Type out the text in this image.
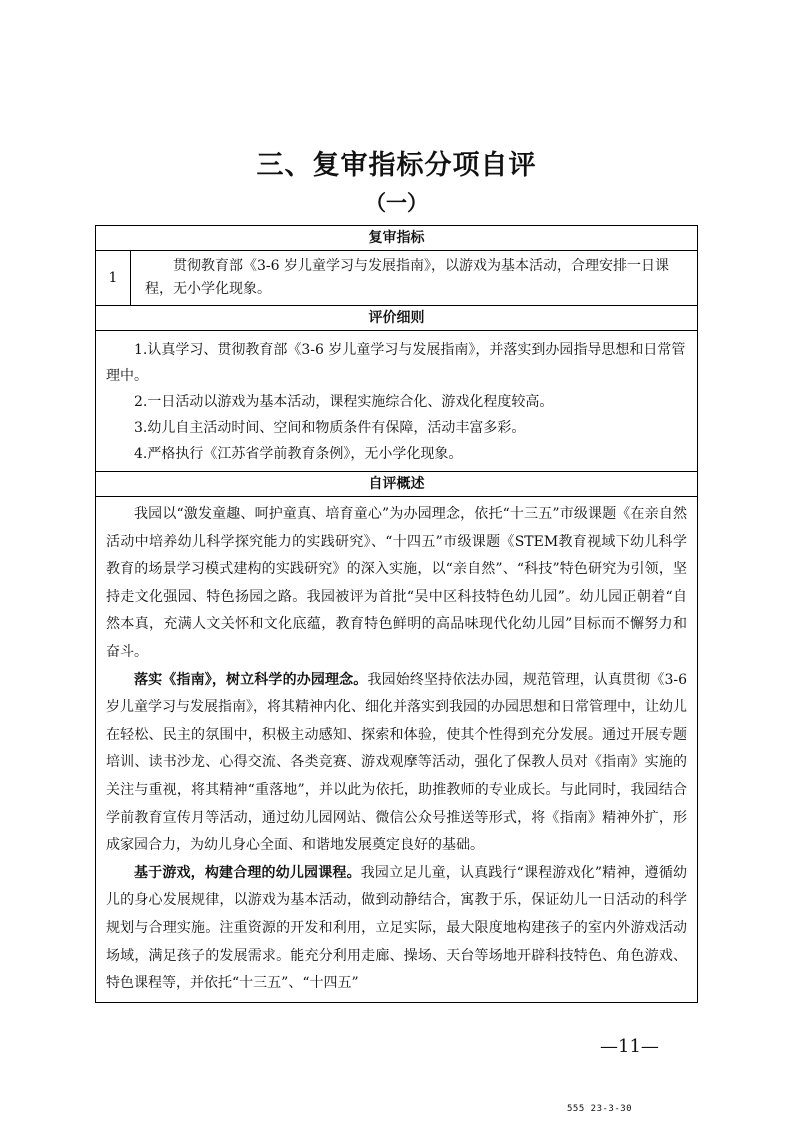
三、复审指标分项自评
（一）
复审指标
1
贯彻教育部《3-6 岁儿童学习与发展指南》，以游戏为基本活动，合理安排一日课程，无小学化现象。
评价细则

1.认真学习、贯彻教育部《3-6 岁儿童学习与发展指南》，并落实到办园指导思想和日常管理中。

2.一日活动以游戏为基本活动，课程实施综合化、游戏化程度较高。

3.幼儿自主活动时间、空间和物质条件有保障，活动丰富多彩。

4.严格执行《江苏省学前教育条例》，无小学化现象。

自评概述

我园以“激发童趣、呵护童真、培育童心”为办园理念，依托“十三五”市级课题《在亲自然活动中培养幼儿科学探究能力的实践研究》、“十四五”市级课题《STEM教育视域下幼儿科学教育的场景学习模式建构的实践研究》的深入实施，以“亲自然”、“科技”特色研究为引领，坚持走文化强园、特色扬园之路。我园被评为首批“吴中区科技特色幼儿园”。幼儿园正朝着“自然本真，充满人文关怀和文化底蕴，教育特色鲜明的高品味现代化幼儿园”目标而不懈努力和奋斗。

落实《指南》，树立科学的办园理念。我园始终坚持依法办园，规范管理，认真贯彻《3-6 岁儿童学习与发展指南》，将其精神内化、细化并落实到我园的办园思想和日常管理中，让幼儿在轻松、民主的氛围中，积极主动感知、探索和体验，使其个性得到充分发展。通过开展专题培训、读书沙龙、心得交流、各类竞赛、游戏观摩等活动，强化了保教人员对《指南》实施的关注与重视，将其精神“重落地”，并以此为依托，助推教师的专业成长。与此同时，我园结合学前教育宣传月等活动，通过幼儿园网站、微信公众号推送等形式，将《指南》精神外扩，形成家园合力，为幼儿身心全面、和谐地发展奠定良好的基础。

基于游戏，构建合理的幼儿园课程。我园立足儿童，认真践行“课程游戏化”精神，遵循幼儿的身心发展规律，以游戏为基本活动，做到动静结合，寓教于乐，保证幼儿一日活动的科学规划与合理实施。注重资源的开发和利用，立足实际，最大限度地构建孩子的室内外游戏活动场域，满足孩子的发展需求。能充分利用走廊、操场、天台等场地开辟科技特色、角色游戏、特色课程等，并依托“十三五”、“十四五”

—11—
555 23-3-30
